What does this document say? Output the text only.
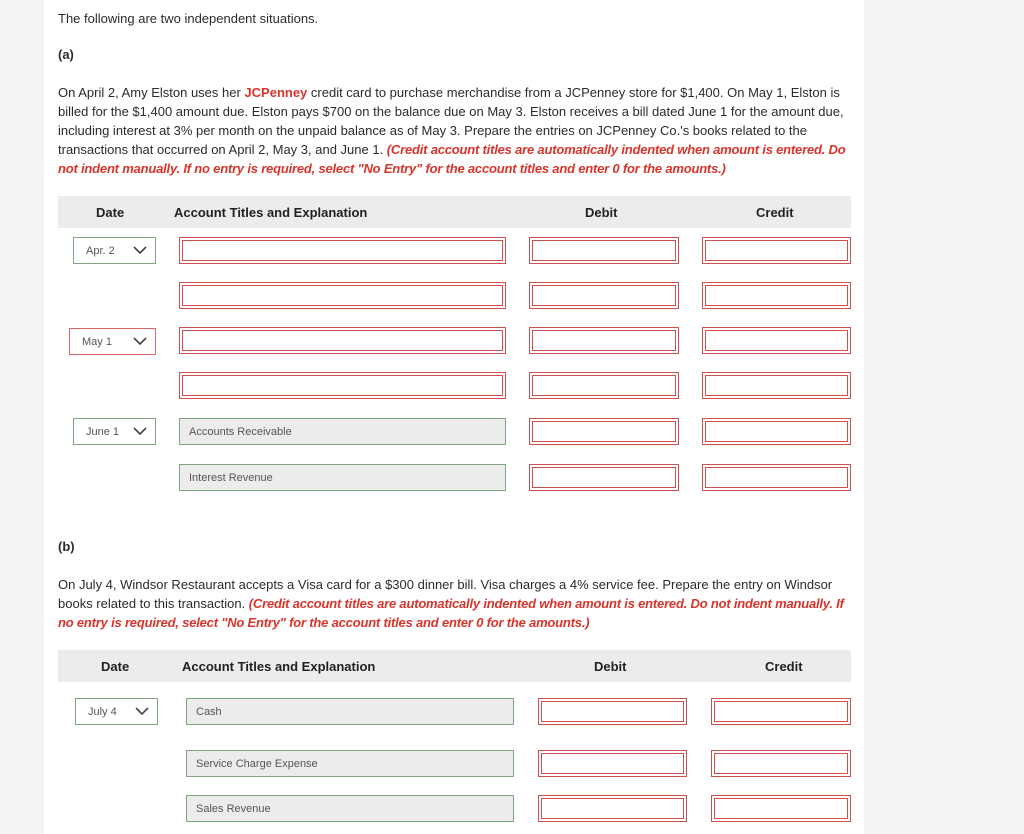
The following are two independent situations.

(a)

On April 2, Amy Elston uses her JCPenney credit card to purchase merchandise from a JCPenney store for $1,400. On May 1, Elston is billed for the $1,400 amount due. Elston pays $700 on the balance due on May 3. Elston receives a bill dated June 1 for the amount due, including interest at 3% per month on the unpaid balance as of May 3. Prepare the entries on JCPenney Co.'s books related to the transactions that occurred on April 2, May 3, and June 1. (Credit account titles are automatically indented when amount is entered. Do not indent manually. If no entry is required, select "No Entry" for the account titles and enter 0 for the amounts.)

Date	Account Titles and Explanation	Debit	Credit
Apr. 2
May 1
June 1	Accounts Receivable
Interest Revenue
(b)

On July 4, Windsor Restaurant accepts a Visa card for a $300 dinner bill. Visa charges a 4% service fee. Prepare the entry on Windsor books related to this transaction. (Credit account titles are automatically indented when amount is entered. Do not indent manually. If no entry is required, select "No Entry" for the account titles and enter 0 for the amounts.)

Date	Account Titles and Explanation	Debit	Credit
July 4	Cash
Service Charge Expense
Sales Revenue
